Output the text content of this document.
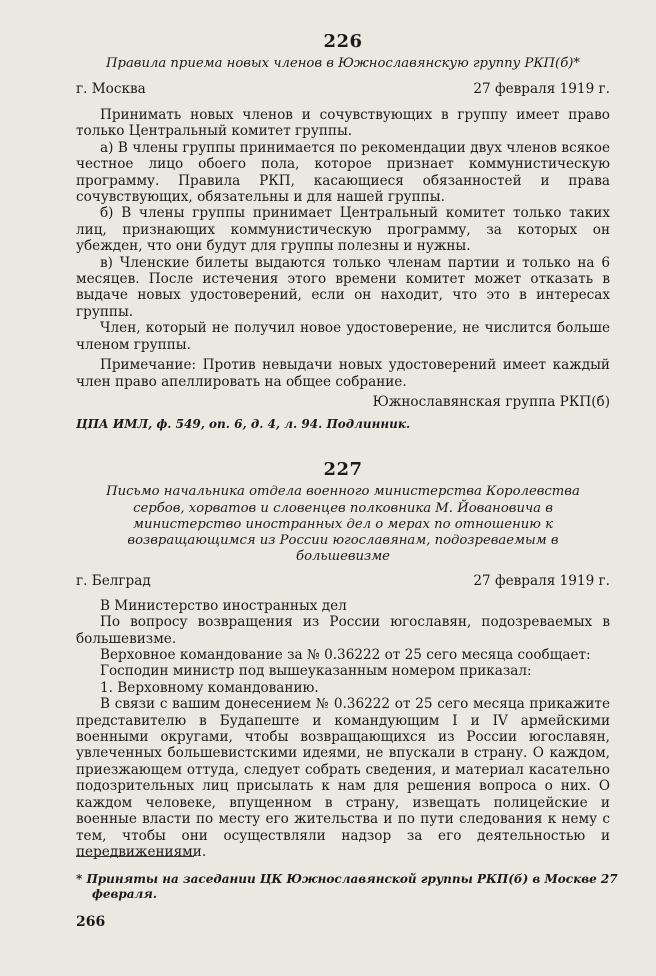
226
Правила приема новых членов в Южнославянскую группу РКП(б)*
г. Москва	27 февраля 1919 г.

Принимать новых членов и сочувствующих в группу имеет право только Центральный комитет группы.

а) В члены группы принимается по рекомендации двух членов всякое честное лицо обоего пола, которое признает коммунистическую программу. Правила РКП, касающиеся обязанностей и права сочувствующих, обязательны и для нашей группы.

б) В члены группы принимает Центральный комитет только таких лиц, признающих коммунистическую программу, за которых он убежден, что они будут для группы полезны и нужны.

в) Членские билеты выдаются только членам партии и только на 6 месяцев. После истечения этого времени комитет может отказать в выдаче новых удостоверений, если он находит, что это в интересах группы.

Член, который не получил новое удостоверение, не числится больше членом группы.

Примечание: Против невыдачи новых удостоверений имеет каждый член право апеллировать на общее собрание.

Южнославянская группа РКП(б)

ЦПА ИМЛ, ф. 549, оп. 6, д. 4, л. 94. Подлинник.

227
Письмо начальника отдела военного министерства Королевства сербов, хорватов и словенцев полковника М. Йовановича в министерство иностранных дел о мерах по отношению к возвращающимся из России югославянам, подозреваемым в большевизме
г. Белград	27 февраля 1919 г.

В Министерство иностранных дел

По вопросу возвращения из России югославян, подозреваемых в большевизме.

Верховное командование за № 0.36222 от 25 сего месяца сообщает:

Господин министр под вышеуказанным номером приказал:

1. Верховному командованию.

В связи с вашим донесением № 0.36222 от 25 сего месяца прикажите представителю в Будапеште и командующим I и IV армейскими военными округами, чтобы возвращающихся из России югославян, увлеченных большевистскими идеями, не впускали в страну. О каждом, приезжающем оттуда, следует собрать сведения, и материал касательно подозрительных лиц присылать к нам для решения вопроса о них. О каждом человеке, впущенном в страну, извещать полицейские и военные власти по месту его жительства и по пути следования к нему с тем, чтобы они осуществляли надзор за его деятельностью и передвижениями.

* Приняты на заседании ЦК Южнославянской группы РКП(б) в Москве 27 февраля.
266
